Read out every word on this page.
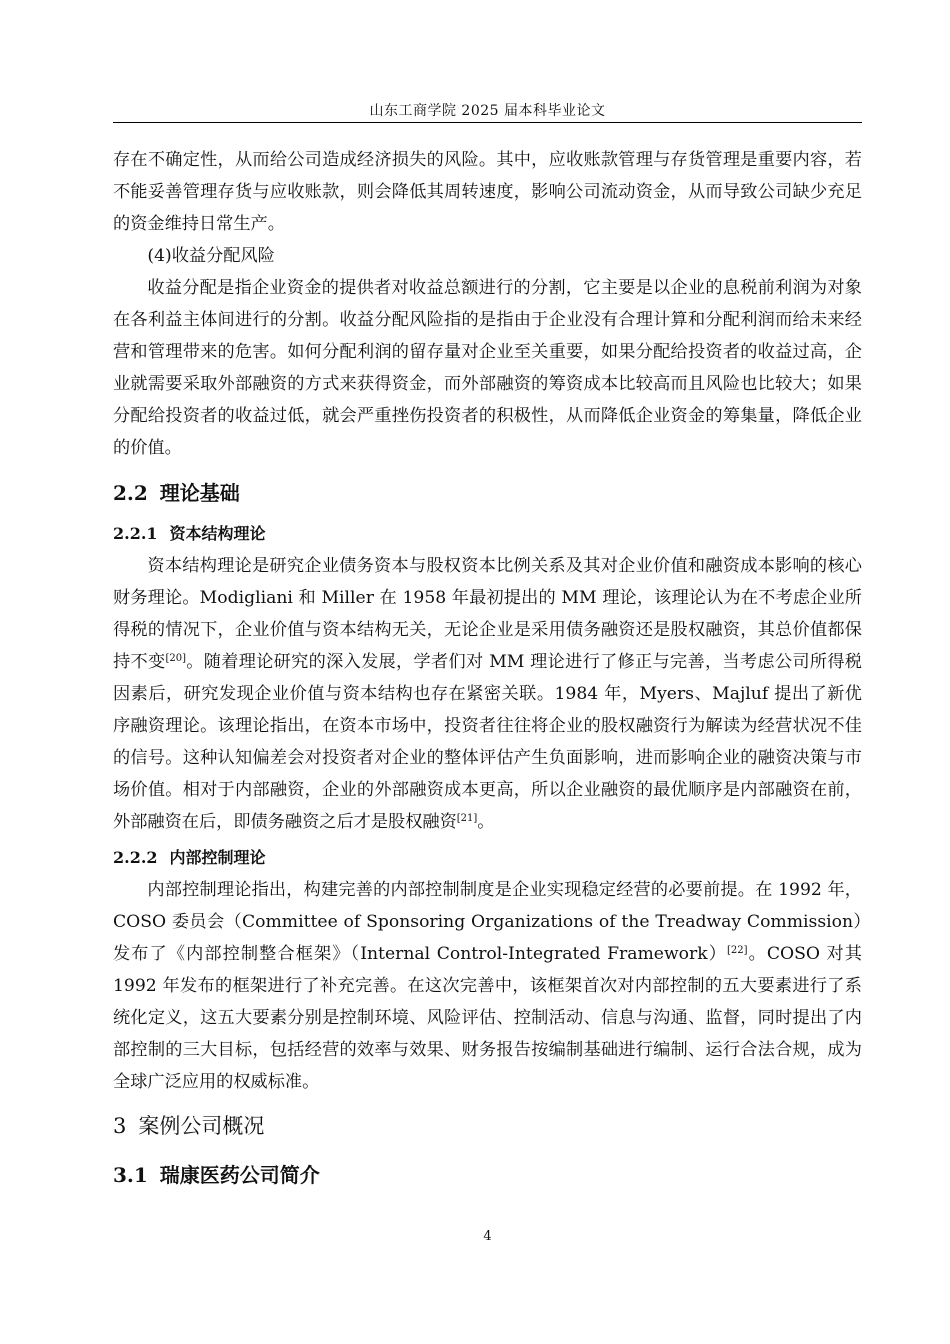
山东工商学院 2025 届本科毕业论文

存在不确定性，从而给公司造成经济损失的风险。其中，应收账款管理与存货管理是重要内容，若不能妥善管理存货与应收账款，则会降低其周转速度，影响公司流动资金，从而导致公司缺少充足的资金维持日常生产。

(4)收益分配风险

收益分配是指企业资金的提供者对收益总额进行的分割，它主要是以企业的息税前利润为对象在各利益主体间进行的分割。收益分配风险指的是指由于企业没有合理计算和分配利润而给未来经营和管理带来的危害。如何分配利润的留存量对企业至关重要，如果分配给投资者的收益过高，企业就需要采取外部融资的方式来获得资金，而外部融资的筹资成本比较高而且风险也比较大；如果分配给投资者的收益过低，就会严重挫伤投资者的积极性，从而降低企业资金的筹集量，降低企业的价值。

2.2 理论基础
2.2.1 资本结构理论

资本结构理论是研究企业债务资本与股权资本比例关系及其对企业价值和融资成本影响的核心财务理论。Modigliani 和 Miller 在 1958 年最初提出的 MM 理论，该理论认为在不考虑企业所得税的情况下，企业价值与资本结构无关，无论企业是采用债务融资还是股权融资，其总价值都保持不变[20]。随着理论研究的深入发展，学者们对 MM 理论进行了修正与完善，当考虑公司所得税因素后，研究发现企业价值与资本结构也存在紧密关联。1984 年，Myers、Majluf 提出了新优序融资理论。该理论指出，在资本市场中，投资者往往将企业的股权融资行为解读为经营状况不佳的信号。这种认知偏差会对投资者对企业的整体评估产生负面影响，进而影响企业的融资决策与市场价值。相对于内部融资，企业的外部融资成本更高，所以企业融资的最优顺序是内部融资在前，外部融资在后，即债务融资之后才是股权融资[21]。

2.2.2 内部控制理论

内部控制理论指出，构建完善的内部控制制度是企业实现稳定经营的必要前提。在 1992 年，COSO 委员会（Committee of Sponsoring Organizations of the Treadway Commission）发布了《内部控制整合框架》（Internal Control-Integrated Framework）[22]。COSO 对其 1992 年发布的框架进行了补充完善。在这次完善中，该框架首次对内部控制的五大要素进行了系统化定义，这五大要素分别是控制环境、风险评估、控制活动、信息与沟通、监督，同时提出了内部控制的三大目标，包括经营的效率与效果、财务报告按编制基础进行编制、运行合法合规，成为全球广泛应用的权威标准。

3 案例公司概况
3.1 瑞康医药公司简介
4
